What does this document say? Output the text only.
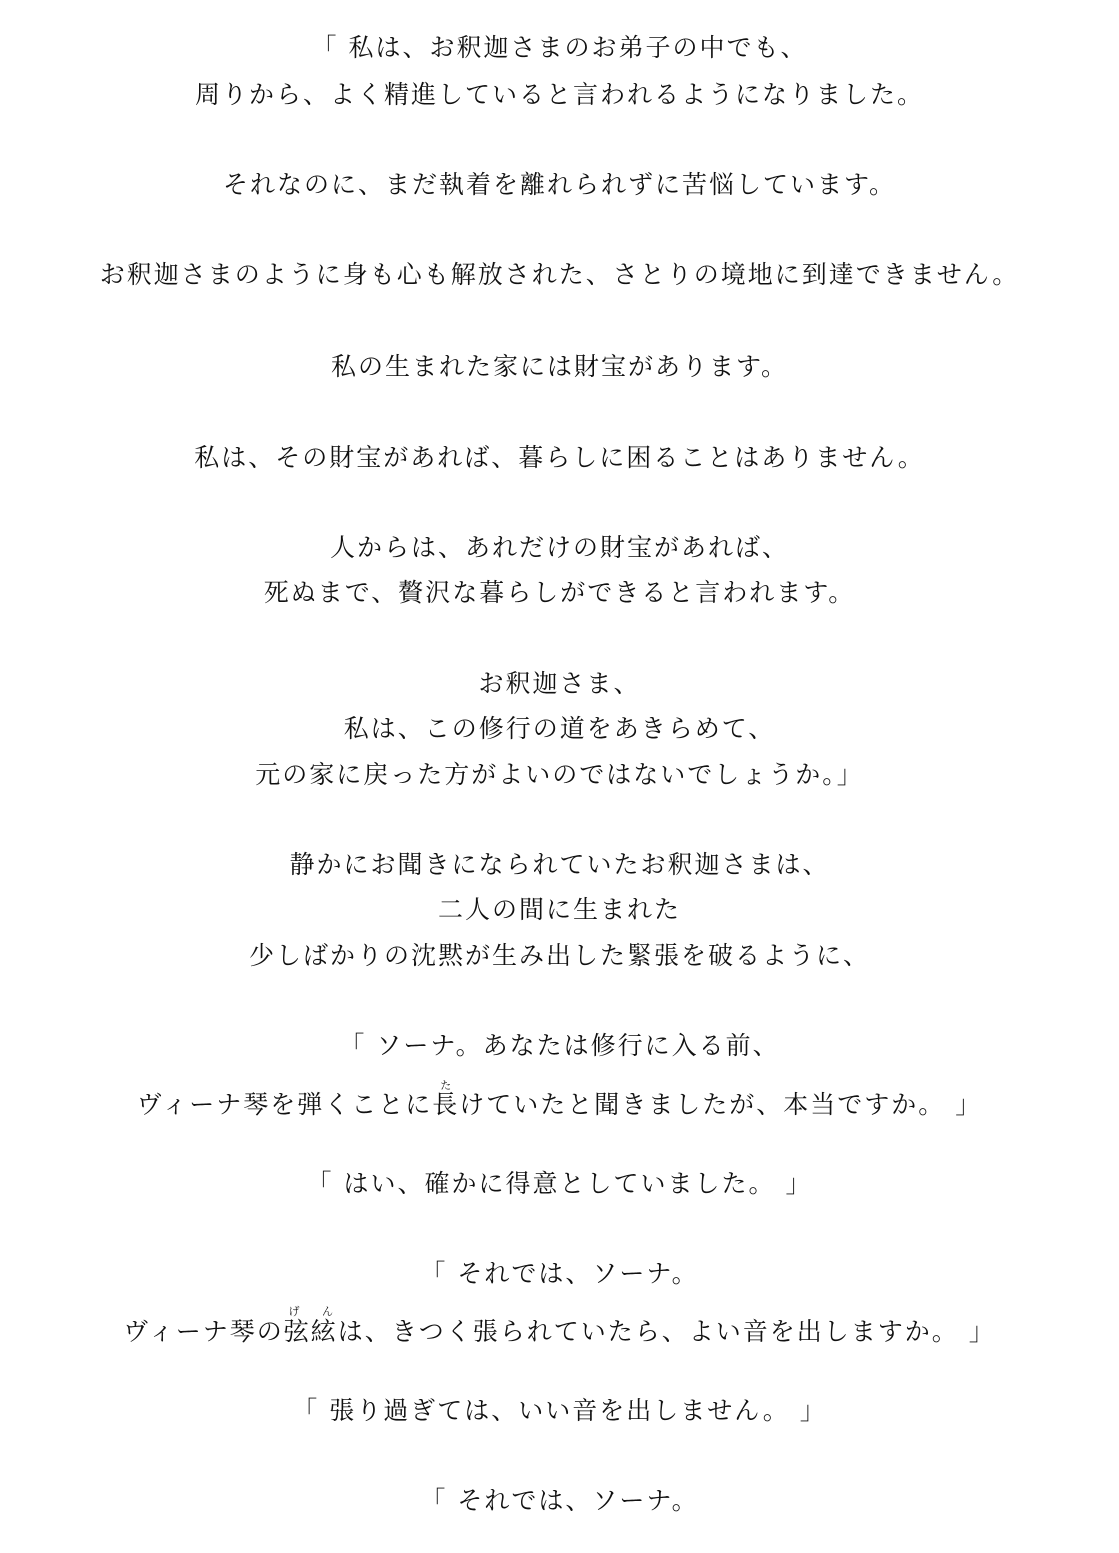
「 私は、お釈迦さまのお弟子の中でも、
周りから、よく精進していると言われるようになりました。
それなのに、まだ執着を離れられずに苦悩しています。
お釈迦さまのように身も心も解放された、さとりの境地に到達できません。
私の生まれた家には財宝があります。
私は、その財宝があれば、暮らしに困ることはありません。
人からは、あれだけの財宝があれば、
死ぬまで、贅沢な暮らしができると言われます。
お釈迦さま、
私は、この修行の道をあきらめて、
元の家に戻った方がよいのではないでしょうか。」
静かにお聞きになられていたお釈迦さまは、
二人の間に生まれた
少しばかりの沈黙が生み出した緊張を破るように、
「 ソーナ。あなたは修行に入る前、
ヴィーナ琴を弾くことに長たけていたと聞きましたが、本当ですか。 」
「 はい、確かに得意としていました。 」
「 それでは、ソーナ。
ヴィーナ琴の弦絃げ んは、きつく張られていたら、よい音を出しますか。 」
「 張り過ぎては、いい音を出しません。 」
「 それでは、ソーナ。
